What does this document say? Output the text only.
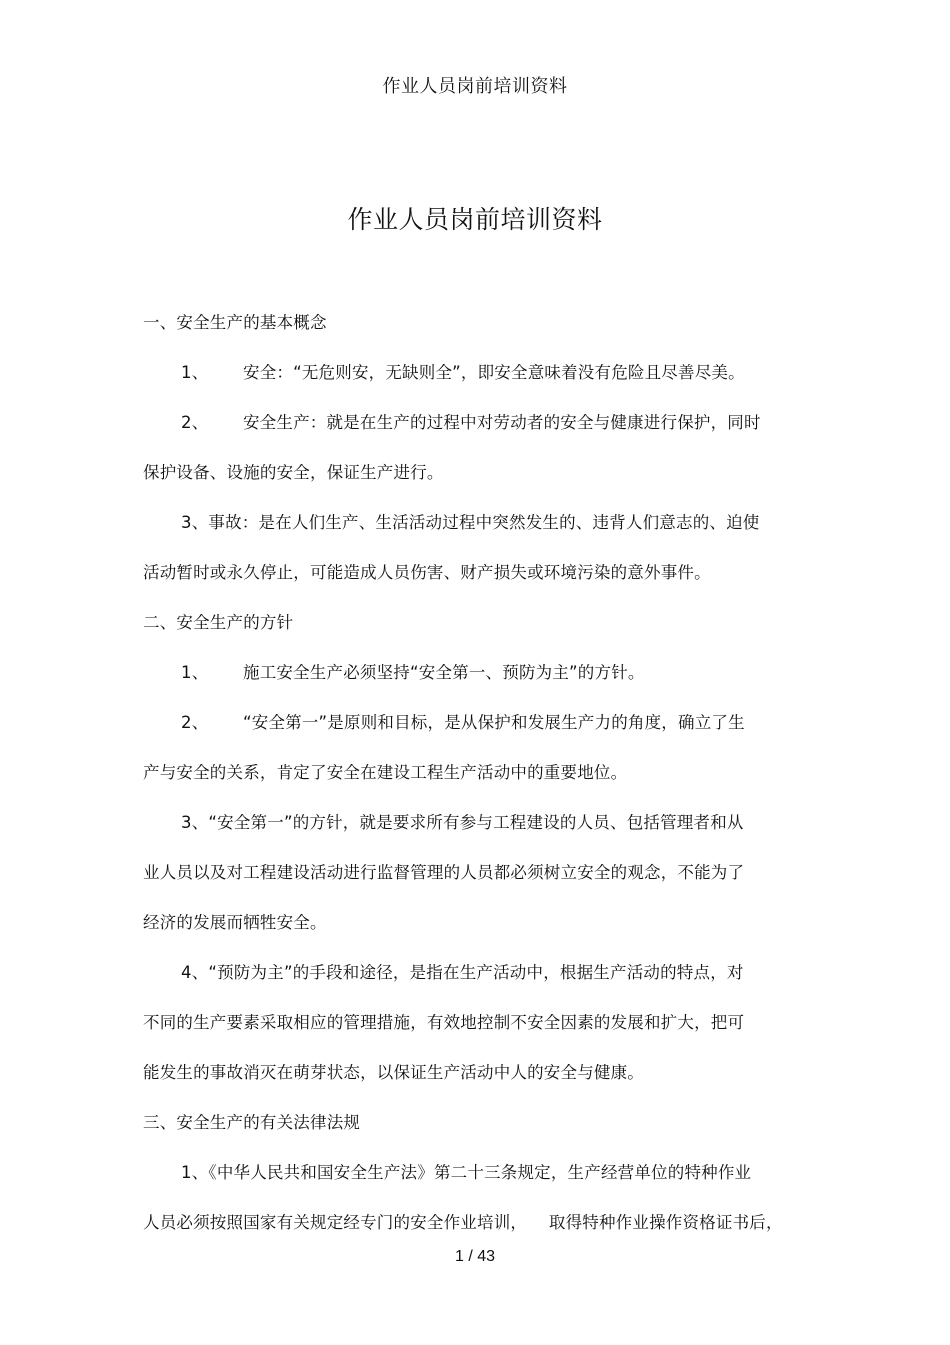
作业人员岗前培训资料
作业人员岗前培训资料
一、安全生产的基本概念
1、 安全：“无危则安，无缺则全”，即安全意味着没有危险且尽善尽美。
2、 安全生产：就是在生产的过程中对劳动者的安全与健康进行保护，同时
保护设备、设施的安全，保证生产进行。
3、事故：是在人们生产、生活活动过程中突然发生的、违背人们意志的、迫使
活动暂时或永久停止，可能造成人员伤害、财产损失或环境污染的意外事件。
二、安全生产的方针
1、 施工安全生产必须坚持“安全第一、预防为主”的方针。
2、 “安全第一”是原则和目标，是从保护和发展生产力的角度，确立了生
产与安全的关系，肯定了安全在建设工程生产活动中的重要地位。
3、“安全第一”的方针，就是要求所有参与工程建设的人员、包括管理者和从
业人员以及对工程建设活动进行监督管理的人员都必须树立安全的观念，不能为了
经济的发展而牺牲安全。
4、“预防为主”的手段和途径，是指在生产活动中，根据生产活动的特点，对
不同的生产要素采取相应的管理措施，有效地控制不安全因素的发展和扩大，把可
能发生的事故消灭在萌芽状态，以保证生产活动中人的安全与健康。
三、安全生产的有关法律法规
1、《中华人民共和国安全生产法》第二十三条规定，生产经营单位的特种作业
人员必须按照国家有关规定经专门的安全作业培训，    取得特种作业操作资格证书后，
1 / 43
